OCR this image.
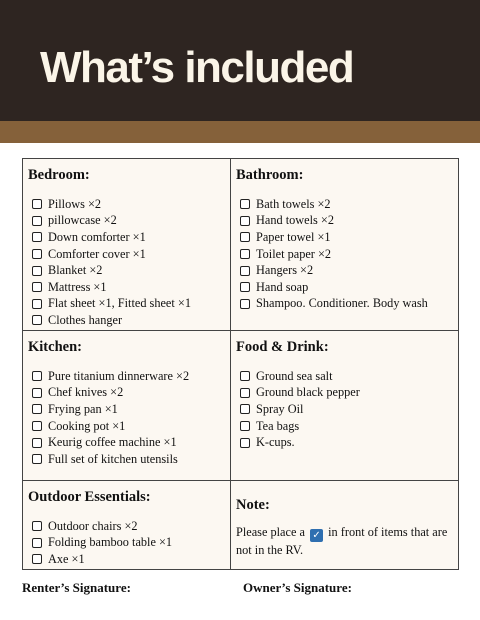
What’s included
Bedroom:
Pillows ×2
pillowcase ×2
Down comforter ×1
Comforter cover ×1
Blanket ×2
Mattress ×1
Flat sheet ×1, Fitted sheet ×1
Clothes hanger
Bathroom:
Bath towels ×2
Hand towels ×2
Paper towel ×1
Toilet paper ×2
Hangers ×2
Hand soap
Shampoo. Conditioner. Body wash
Kitchen:
Pure titanium dinnerware ×2
Chef knives ×2
Frying pan ×1
Cooking pot ×1
Keurig coffee machine ×1
Full set of kitchen utensils
Food & Drink:
Ground sea salt
Ground black pepper
Spray Oil
Tea bags
K-cups.
Outdoor Essentials:
Outdoor chairs ×2
Folding bamboo table ×1
Axe ×1
Note:

Please place a ✓ in front of items that are not in the RV.

Renter’s Signature:	Owner’s Signature:
